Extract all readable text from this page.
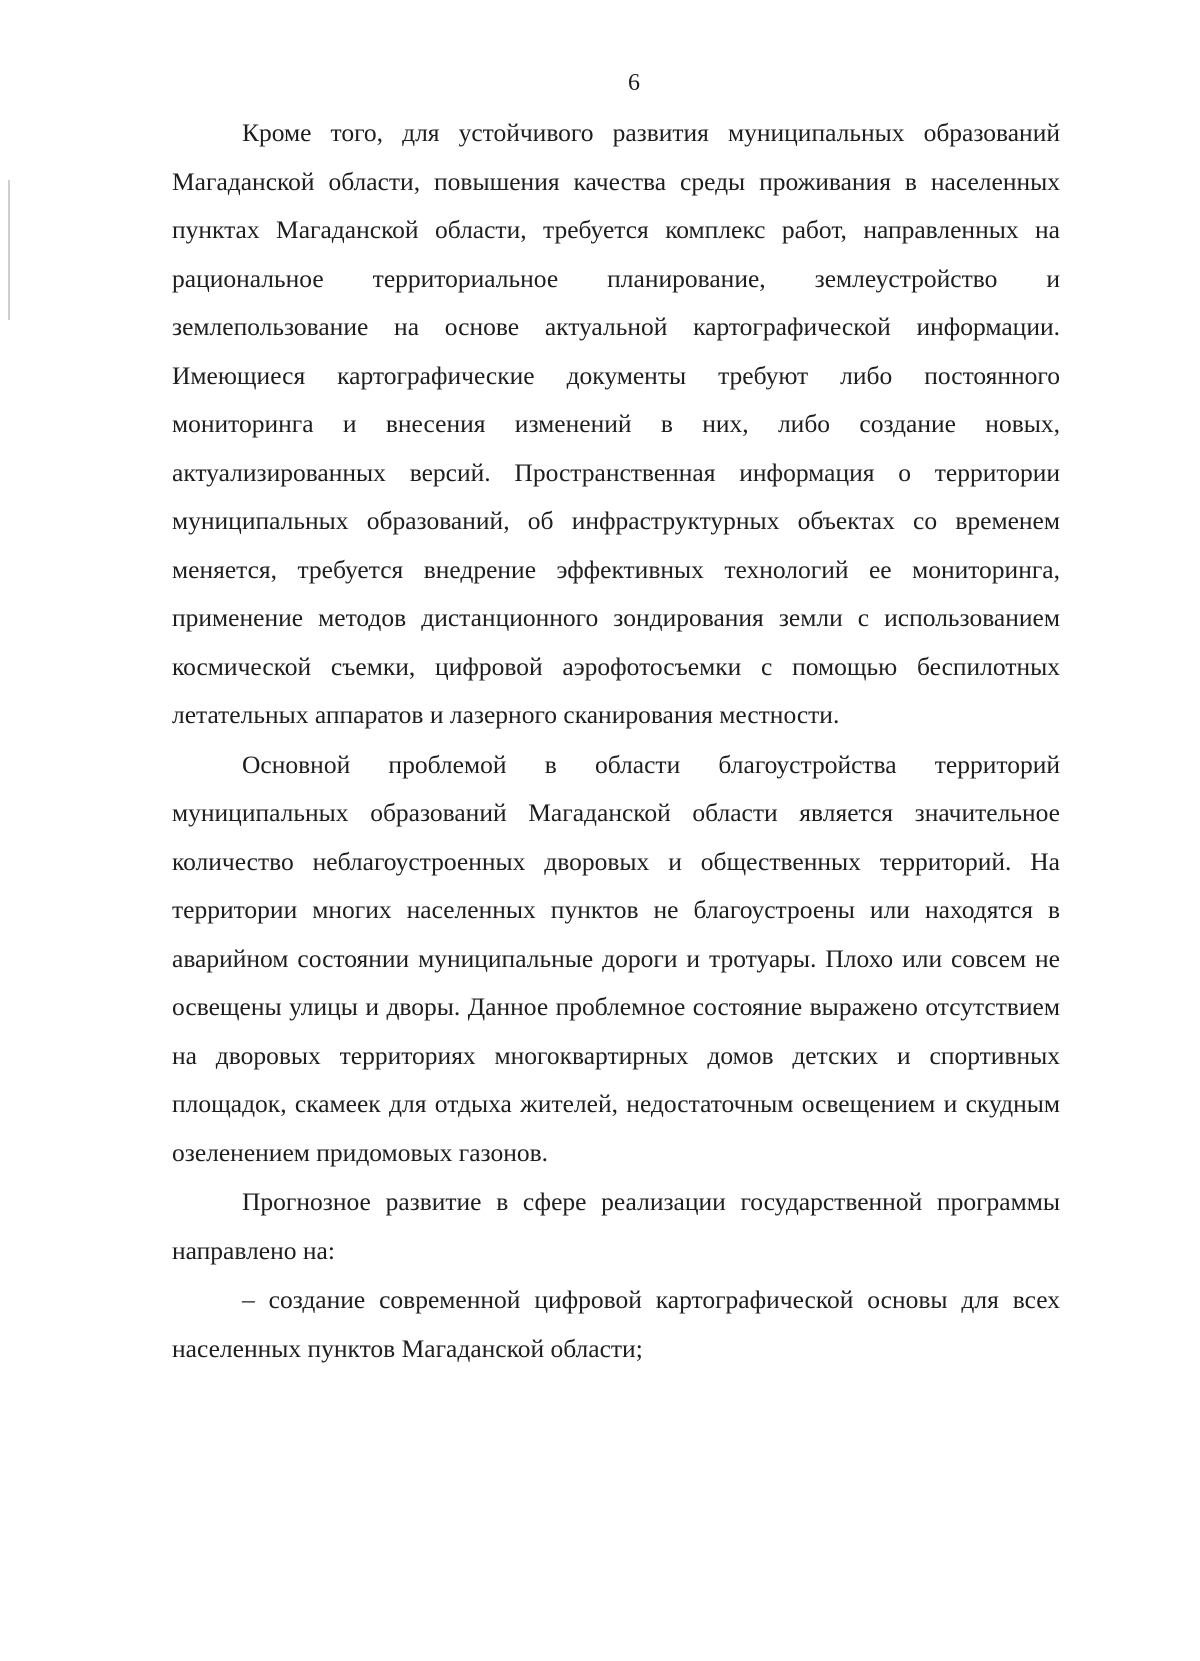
6

Кроме того, для устойчивого развития муниципальных образований Магаданской области, повышения качества среды проживания в населенных пунктах Магаданской области, требуется комплекс работ, направленных на рациональное территориальное планирование, землеустройство и землепользование на основе актуальной картографической информации. Имеющиеся картографические документы требуют либо постоянного мониторинга и внесения изменений в них, либо создание новых, актуализированных версий. Пространственная информация о территории муниципальных образований, об инфраструктурных объектах со временем меняется, требуется внедрение эффективных технологий ее мониторинга, применение методов дистанционного зондирования земли с использованием космической съемки, цифровой аэрофотосъемки с помощью беспилотных летательных аппаратов и лазерного сканирования местности.

Основной проблемой в области благоустройства территорий муниципальных образований Магаданской области является значительное количество неблагоустроенных дворовых и общественных территорий. На территории многих населенных пунктов не благоустроены или находятся в аварийном состоянии муниципальные дороги и тротуары. Плохо или совсем не освещены улицы и дворы. Данное проблемное состояние выражено отсутствием на дворовых территориях многоквартирных домов детских и спортивных площадок, скамеек для отдыха жителей, недостаточным освещением и скудным озеленением придомовых газонов.

Прогнозное развитие в сфере реализации государственной программы направлено на:

– создание современной цифровой картографической основы для всех населенных пунктов Магаданской области;
